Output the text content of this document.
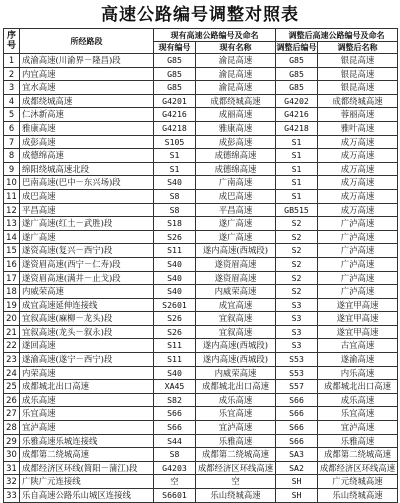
高速公路编号调整对照表
序号	所经路段	现有高速公路编号及命名		调整后高速公路编号及命名	
		现有编号	现有名称	调整后编号	调整后名称
1	成渝高速(川渝界－隆昌)段	G85	渝昆高速	G85	银昆高速
2	内宜高速	G85	渝昆高速	G85	银昆高速
3	宜水高速	G85	渝昆高速	G85	银昆高速
4	成都绕城高速	G4201	成都绕城高速	G4202	成都绕城高速
5	仁沐新高速	G4216	成丽高速	G4216	蓉丽高速
6	雅康高速	G4218	雅康高速	G4218	雅叶高速
7	成彭高速	S105	成彭高速	S1	成万高速
8	成德绵高速	S1	成德绵高速	S1	成万高速
9	绵阳绕城高速北段	S1	成德绵高速	S1	成万高速
10	巴南高速(巴中－东兴场)段	S40	广南高速	S1	成万高速
11	成巴高速	S8	成巴高速	S1	成万高速
12	平昌高速	S8	平昌高速	GB515	成万高速
13	遂广高速(红土－武胜)段	S18	遂广高速	S2	广泸高速
14	遂广高速	S26	遂广高速	S2	广泸高速
15	遂资高速(复兴－西宁)段	S11	遂内高速(西城段)	S2	广泸高速
16	遂资眉高速(西宁－仁寿)段	S40	遂资眉高速	S2	广泸高速
17	遂资眉高速(满井－止戈)段	S40	遂资眉高速	S2	广泸高速
18	内威荣高速	S40	内威荣高速	S2	广泸高速
19	成宜高速延伸连接线	S2601	成宜高速	S3	遂宜甲高速
20	宜叙高速(麻柳－龙头)段	S26	宜叙高速	S3	遂宜甲高速
21	宜叙高速(龙头－叙永)段	S26	宜叙高速	S3	遂宜甲高速
22	遂回高速	S11	遂内高速(西城段)	S3	古宜高速
23	遂渝高速(遂宁－西宁)段	S11	遂内高速(西城段)	S53	遂渝高速
24	内荣高速	S40	内威荣高速	S53	内乐高速
25	成都城北出口高速	XA45	成都城北出口高速	S57	成都城北出口高速
26	成乐高速	S82	成乐高速	S66	成乐高速
27	乐宜高速	S66	乐宜高速	S66	乐宜高速
28	宜泸高速	S66	宜泸高速	S66	宜泸高速
29	乐雅高速乐城连接线	S44	乐雅高速	S66	乐雅高速
30	成都第二绕城高速	S8	成都第二绕城高速	SA3	成都第二绕城高速
31	成都经济区环线(简阳－蒲江)段	G4203	成都经济区环线高速	SA2	成都经济区环线高速
32	广陕广元连接线	空	空	SH	广元绕城高速
33	乐自高速公路乐山城区连接线	S6601	乐山绕城高速	SH	乐山绕城高速
